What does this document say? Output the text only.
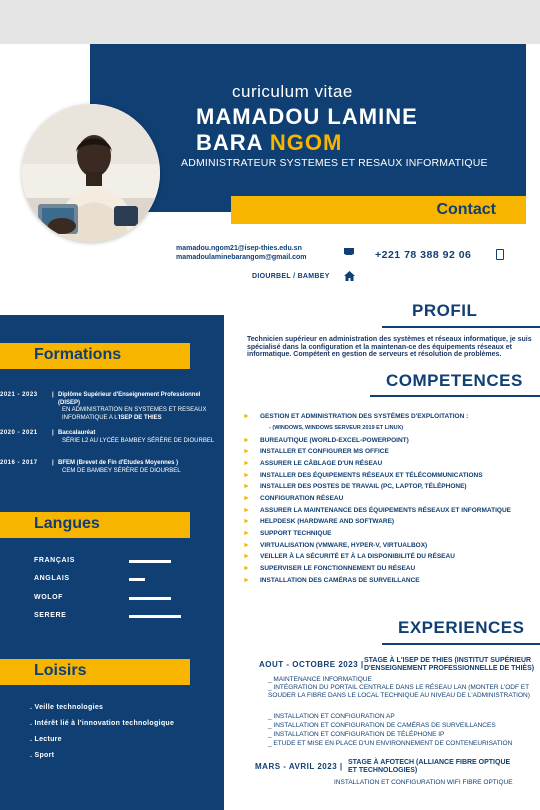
curiculum vitae
MAMADOU LAMINE
BARA NGOM
ADMINISTRATEUR SYSTEMES ET RESAUX INFORMATIQUE
Contact
mamadou.ngom21@isep-thies.edu.sn
mamadoulaminebarangom@gmail.com	+221 78 388 92 06
DIOURBEL / BAMBEY
Formations
2021 - 2023	| Diplôme Supérieur d'Enseignement Professionnel (DISEP)
EN ADMINISTRATION EN SYSTEMES ET RESEAUX INFORMATIQUE A L'ISEP DE THIES
2020 - 2021	| Baccalauréat
SÉRIE L2 AU LYCÉE BAMBEY SÉRÈRE DE DIOURBEL
2016 - 2017	| BFEM (Brevet de Fin d'Etudes Moyennes )
CEM DE BAMBEY SÉRÈRE DE DIOURBEL
Langues
FRANÇAIS
ANGLAIS
WOLOF
SERERE
Loisirs
. Veille technologies
. Intérêt lié à l'innovation technologique
. Lecture
. Sport
PROFIL
Technicien supérieur en administration des systèmes et réseaux informatique, je suis spécialisé dans la configuration et la maintenan-ce des équipements réseaux et informatique. Compétent en gestion de serveurs et résolution de problèmes.
COMPETENCES
► GESTION ET ADMINISTRATION DES SYSTÈMES D'EXPLOITATION :
- (WINDOWS, WINDOWS SERVEUR 2019 ET LINUX)
► BUREAUTIQUE (WORLD-EXCEL-POWERPOINT)
► INSTALLER ET CONFIGURER MS OFFICE
► ASSURER LE CÂBLAGE D'UN RÉSEAU
► INSTALLER DES ÉQUIPEMENTS RÉSEAUX ET TÉLÉCOMMUNICATIONS
► INSTALLER DES POSTES DE TRAVAIL (PC, LAPTOP, TÉLÉPHONE)
► CONFIGURATION RÉSEAU
► ASSURER LA MAINTENANCE DES ÉQUIPEMENTS RÉSEAUX ET INFORMATIQUE
► HELPDESK (HARDWARE AND SOFTWARE)
► SUPPORT TECHNIQUE
► VIRTUALISATION (VMWARE, HYPER-V, VIRTUALBOX)
► VEILLER À LA SÉCURITÉ ET À LA DISPONIBILITÉ DU RÉSEAU
► SUPERVISER LE FONCTIONNEMENT DU RÉSEAU
► INSTALLATION DES CAMÉRAS DE SURVEILLANCE
EXPERIENCES
AOUT - OCTOBRE 2023 | STAGE À L'ISEP DE THIES (INSTITUT SUPÉRIEUR D'ENSEIGNEMENT PROFESSIONNELLE DE THIÈS)
_ MAINTENANCE INFORMATIQUE
_ INTÉGRATION DU PORTAIL CENTRALE DANS LE RÉSEAU LAN (MONTER L'ODF ET SOUDER LA FIBRE DANS LE LOCAL TECHNIQUE AU NIVEAU DE L'ADMINISTRATION)
_ INSTALLATION ET CONFIGURATION AP
_ INSTALLATION ET CONFIGURATION DE CAMÉRAS DE SURVEILLANCES
_ INSTALLATION ET CONFIGURATION DE TÉLÉPHONE IP
_ ETUDE ET MISE EN PLACE D'UN ENVIRONNEMENT DE CONTENEURISATION
MARS - AVRIL 2023 | STAGE À AFOTECH (ALLIANCE FIBRE OPTIQUE ET TECHNOLOGIES)
INSTALLATION ET CONFIGURATION WIFI FIBRE OPTIQUE
